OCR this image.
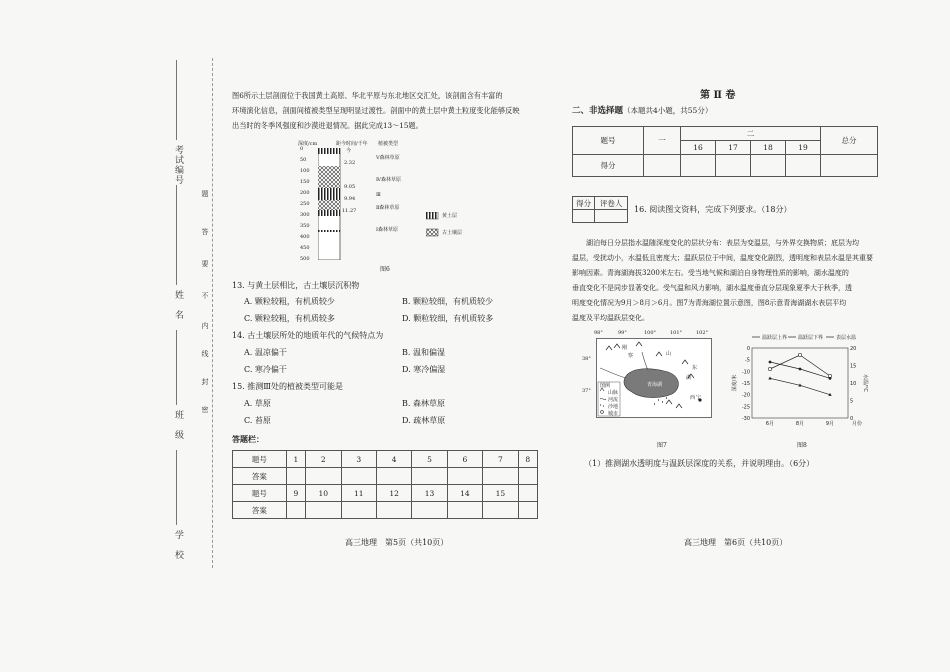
题
答
要
不
内
线
封
密
考试编号
姓　名
班　级
学　校
图6所示土层剖面位于我国黄土高原、华北平原与东北地区交汇处，该剖面含有丰富的
环境演化信息，剖面间植被类型呈现明显过渡性。剖面中的黄土层中黄土粒度变化能够反映
出当时的冬季风强度和沙漠进退情况。据此完成13～15题。
深度/cm	距今时间/千年 植被类型
0
50
100
150
200
250
300
350
400
450
500
今
2.32
9.05
9.94
11.27
Ⅴ森林草原
Ⅳ森林草原
Ⅲ
Ⅱ森林草原
Ⅰ森林草原
黄土层
古土壤层
图6
13. 与黄土层相比，古土壤层沉积物
A. 颗粒较粗，有机质较少	B. 颗粒较细，有机质较少
C. 颗粒较粗，有机质较多	D. 颗粒较细，有机质较多
14. 古土壤层所处的地质年代的气候特点为
A. 温凉偏干	B. 温和偏湿
C. 寒冷偏干	D. 寒冷偏湿
15. 推测Ⅲ处的植被类型可能是
A. 草原	B. 森林草原
C. 苔原	D. 疏林草原
答题栏：
题号	1	2	3	4	5	6	7	8
答案								
题号	9	10	11	12	13	14	15	
答案								
高三地理　第5页（共10页）
第 Ⅱ 卷
二、非选择题（本题共4小题，共55分）
题号	一	二				总分
		16	17	18	19	
得分						
得分	评卷人

16. 阅读图文资料，完成下列要求。（18分）
湖泊每日分层指水温随深度变化的层状分布：表层为变温层，与外界交换物质；底层为均
温层，受扰动小，水温低且密度大；温跃层位于中间，温度变化剧烈，透明度和表层水温是其重要
影响因素。青海湖海拔3200米左右。受当地气候和湖泊自身物理性质的影响，湖水温度的
垂直变化不是同步显著变化。受气温和风力影响，湖水温度垂直分层现象夏季大于秋季，透
明度变化情况为9月＞8月＞6月。图7为青海湖位置示意图，图8示意青海湖湖水表层平均
温度及平均温跃层变化。
98°	99°	100°	101°	102°
38°
37°
青海湖
图例
山脉
河流
沙地
城市
刚
察	山
湖
东
西 宁
图7
0
-5
-10
-15
-20
-25
-30
20
15
10
5
0
6月	8月	9月	月份
深度/米	水温/°C
温跃层上界 温跃层下界	表层水温
图8
（1）推测湖水透明度与温跃层深度的关系，并说明理由。（6分）
高三地理　第6页（共10页）
